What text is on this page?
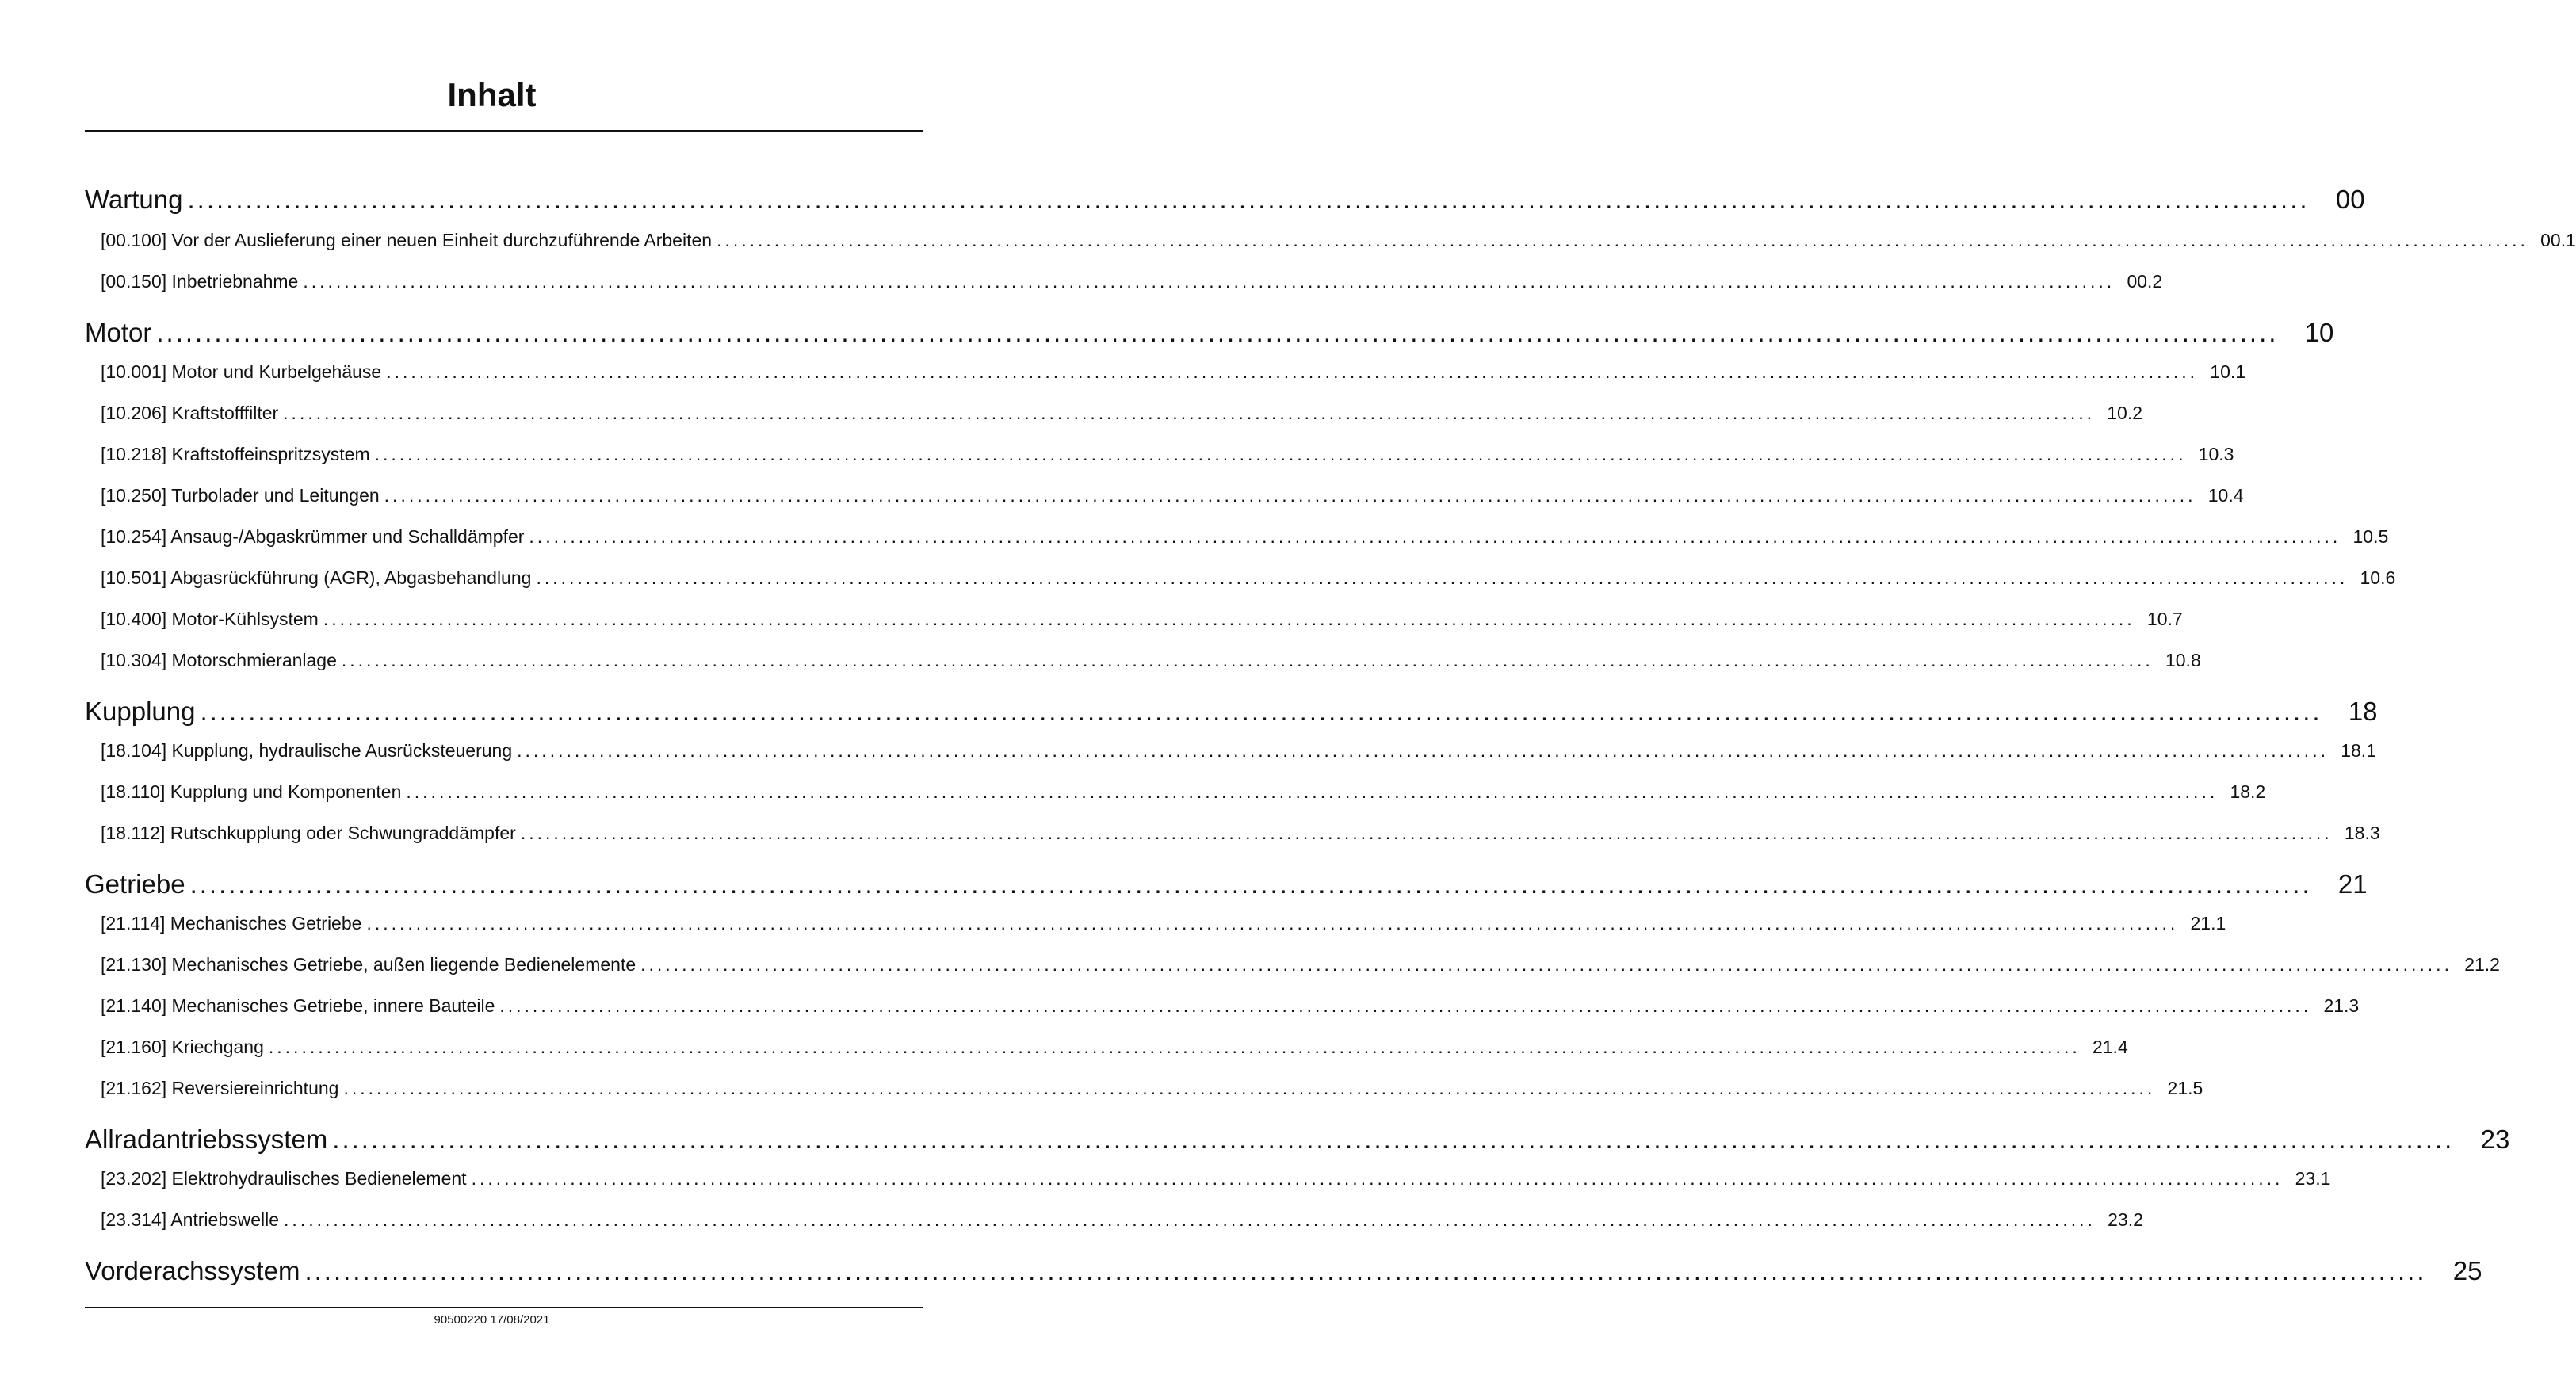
Inhalt
Wartung ............................................................................................................................................................................................................................	00
[00.100] Vor der Auslieferung einer neuen Einheit durchzuführende Arbeiten ............................................................................................................................................................................................................................ 00.1
[00.150] Inbetriebnahme ............................................................................................................................................................................................................................ 00.2
Motor ............................................................................................................................................................................................................................	10
[10.001] Motor und Kurbelgehäuse ............................................................................................................................................................................................................................ 10.1
[10.206] Kraftstofffilter ............................................................................................................................................................................................................................ 10.2
[10.218] Kraftstoffeinspritzsystem ............................................................................................................................................................................................................................ 10.3
[10.250] Turbolader und Leitungen ............................................................................................................................................................................................................................ 10.4
[10.254] Ansaug-/Abgaskrümmer und Schalldämpfer ............................................................................................................................................................................................................................ 10.5
[10.501] Abgasrückführung (AGR), Abgasbehandlung ............................................................................................................................................................................................................................ 10.6
[10.400] Motor-Kühlsystem ............................................................................................................................................................................................................................ 10.7
[10.304] Motorschmieranlage ............................................................................................................................................................................................................................ 10.8
Kupplung ............................................................................................................................................................................................................................	18
[18.104] Kupplung, hydraulische Ausrücksteuerung ............................................................................................................................................................................................................................ 18.1
[18.110] Kupplung und Komponenten ............................................................................................................................................................................................................................ 18.2
[18.112] Rutschkupplung oder Schwungraddämpfer ............................................................................................................................................................................................................................ 18.3
Getriebe ............................................................................................................................................................................................................................	21
[21.114] Mechanisches Getriebe ............................................................................................................................................................................................................................ 21.1
[21.130] Mechanisches Getriebe, außen liegende Bedienelemente ............................................................................................................................................................................................................................ 21.2
[21.140] Mechanisches Getriebe, innere Bauteile ............................................................................................................................................................................................................................ 21.3
[21.160] Kriechgang ............................................................................................................................................................................................................................ 21.4
[21.162] Reversiereinrichtung ............................................................................................................................................................................................................................ 21.5
Allradantriebssystem ............................................................................................................................................................................................................................	23
[23.202] Elektrohydraulisches Bedienelement ............................................................................................................................................................................................................................ 23.1
[23.314] Antriebswelle ............................................................................................................................................................................................................................ 23.2
Vorderachssystem ............................................................................................................................................................................................................................	25
90500220 17/08/2021
